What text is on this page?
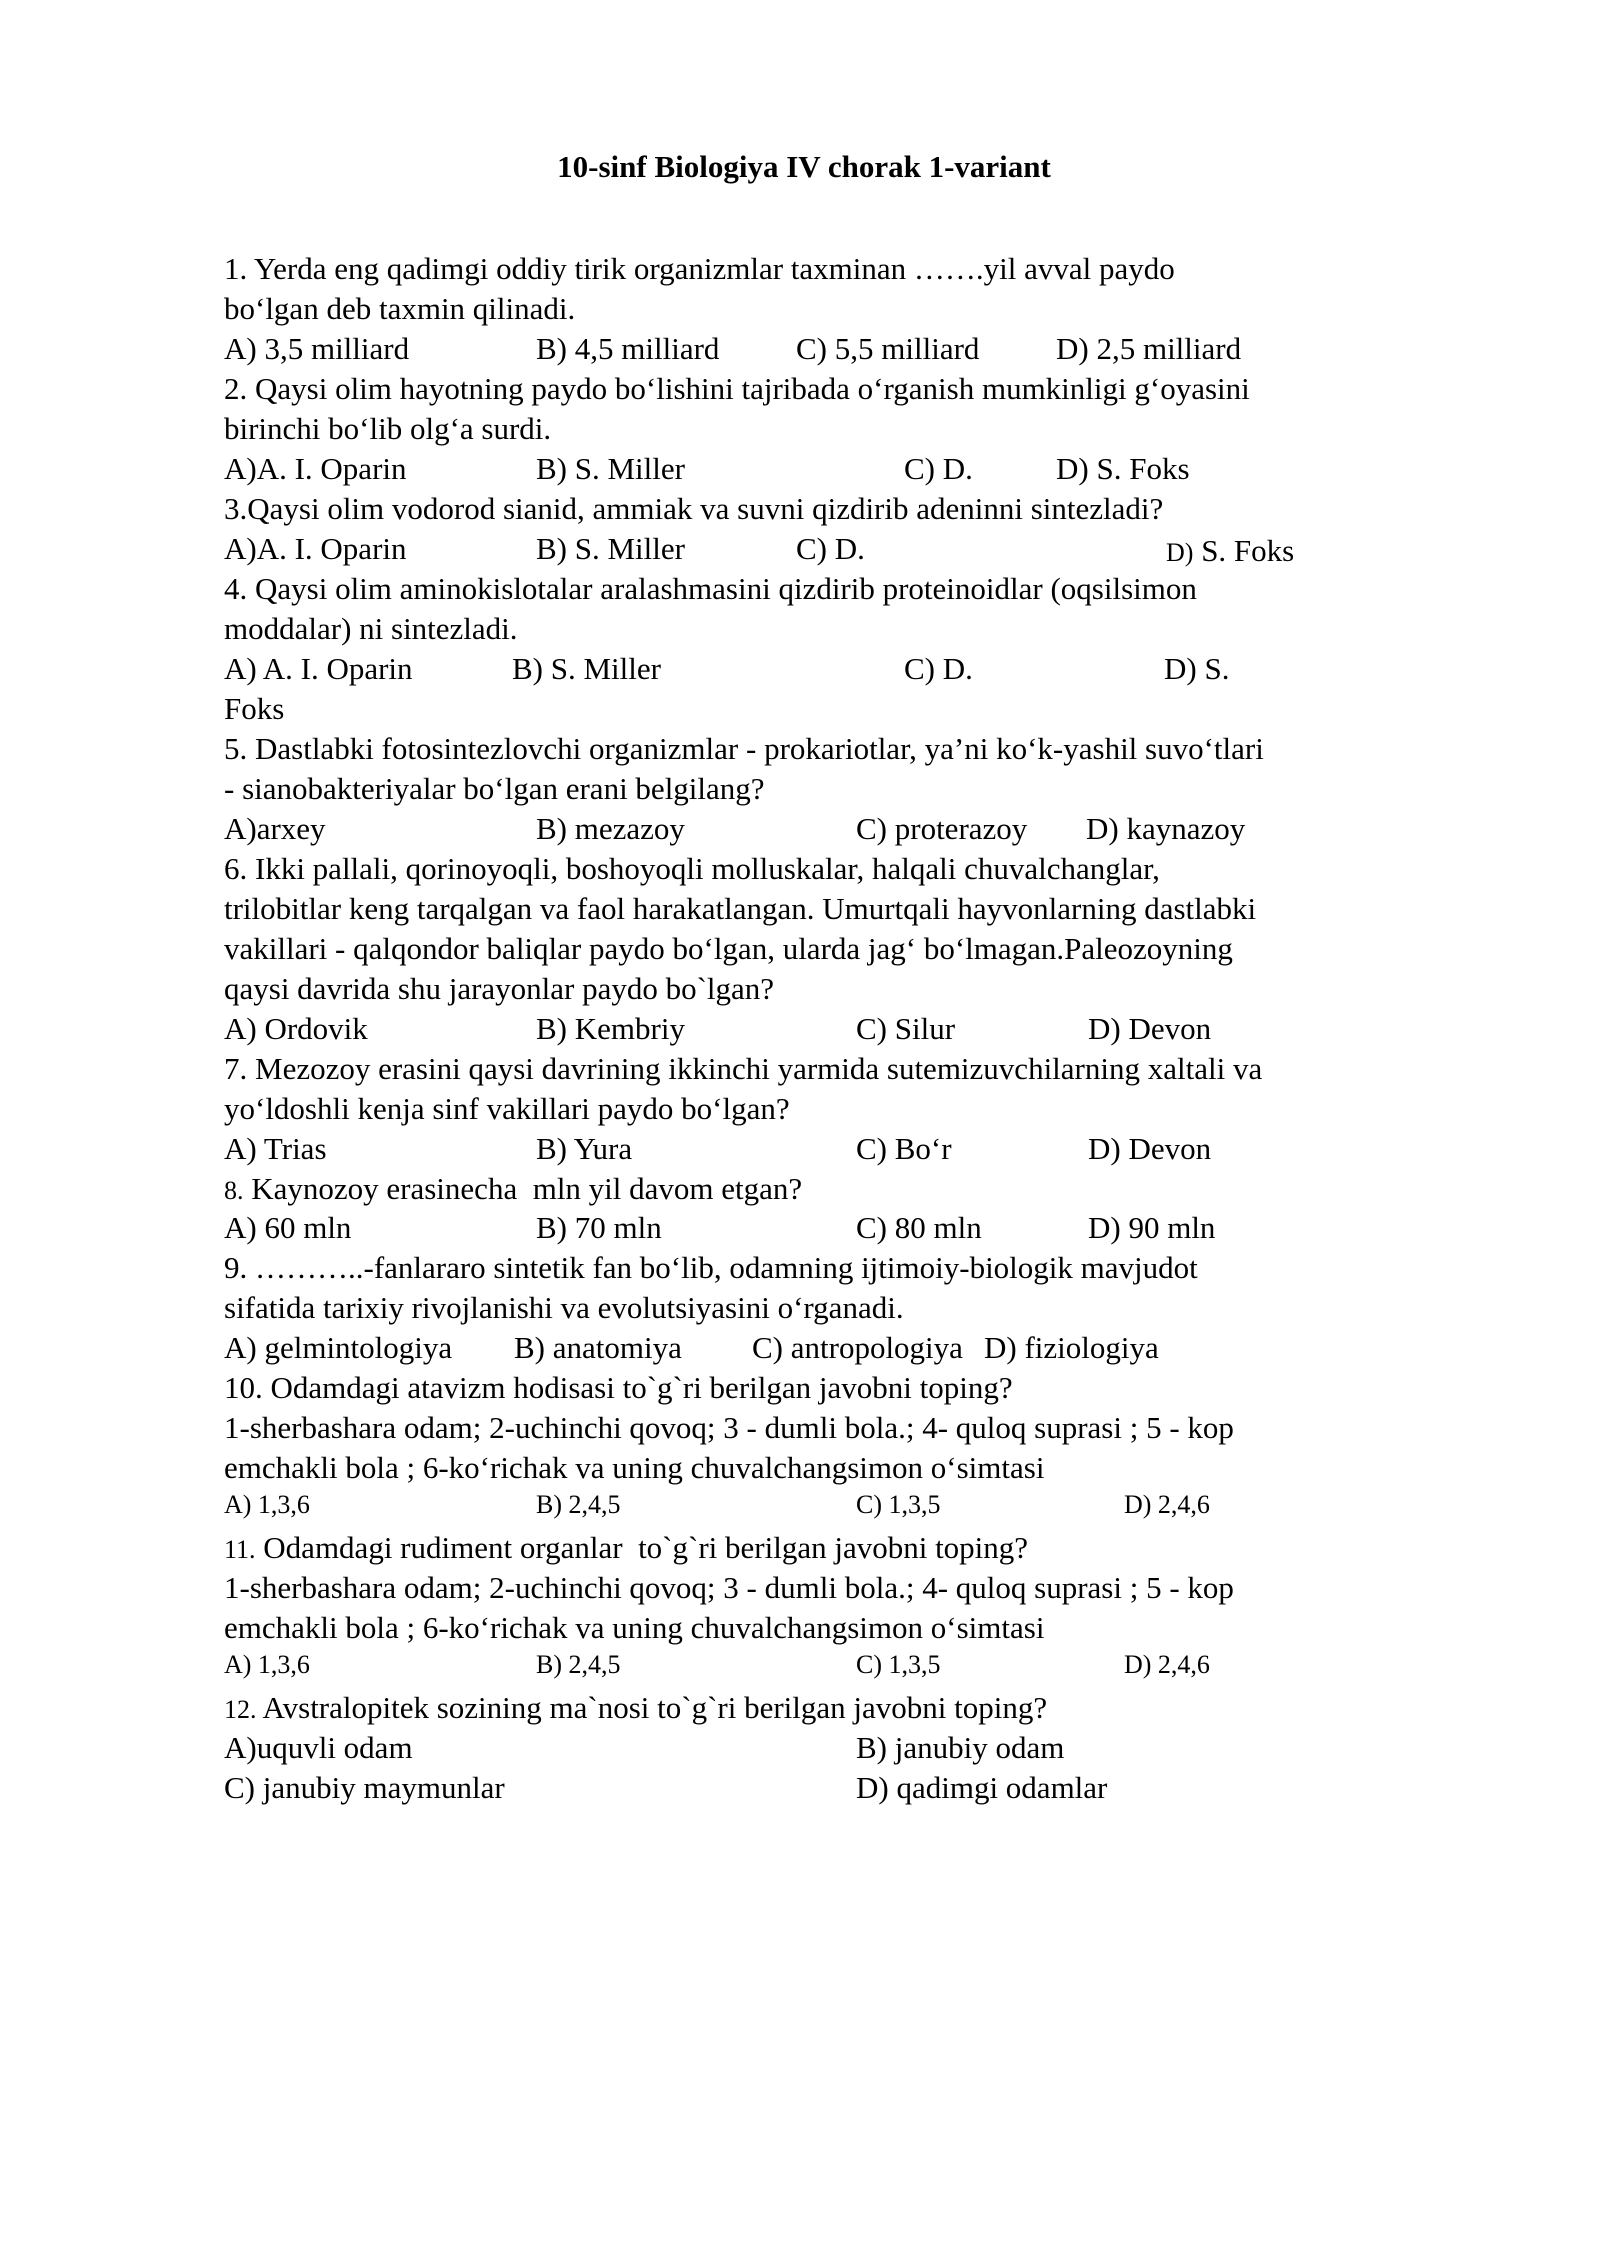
10-sinf Biologiya IV chorak 1-variant

1. Yerda eng qadimgi oddiy tirik organizmlar taxminan …….yil avval paydo

bo‘lgan deb taxmin qilinadi.

A) 3,5 milliard	B) 4,5 milliard C) 5,5 milliard D) 2,5 milliard

2. Qaysi olim hayotning paydo bo‘lishini tajribada o‘rganish mumkinligi g‘oyasini

birinchi bo‘lib olg‘a surdi.

A)A. I. Oparin	B) S. Miller	C) D.	D) S. Foks

3.Qaysi olim vodorod sianid, ammiak va suvni qizdirib adeninni sintezladi?

A)A. I. Oparin	B) S. Miller	C) D.	D) S. Foks

4. Qaysi olim aminokislotalar aralashmasini qizdirib proteinoidlar (oqsilsimon

moddalar) ni sintezladi.

A) A. I. Oparin	B) S. Miller	C) D.	D) S.

Foks

5. Dastlabki fotosintezlovchi organizmlar - prokariotlar, ya’ni ko‘k-yashil suvo‘tlari

- sianobakteriyalar bo‘lgan erani belgilang?

A)arxey	B) mezazoy	C) proterazoy D) kaynazoy

6. Ikki pallali, qorinoyoqli, boshoyoqli molluskalar, halqali chuvalchanglar,

trilobitlar keng tarqalgan va faol harakatlangan. Umurtqali hayvonlarning dastlabki

vakillari - qalqondor baliqlar paydo bo‘lgan, ularda jag‘ bo‘lmagan.Paleozoyning

qaysi davrida shu jarayonlar paydo bo`lgan?

A) Ordovik	B) Kembriy	C) Silur	D) Devon

7. Mezozoy erasini qaysi davrining ikkinchi yarmida sutemizuvchilarning xaltali va

yo‘ldoshli kenja sinf vakillari paydo bo‘lgan?

A) Trias	B) Yura	C) Bo‘r	D) Devon

8. Kaynozoy erasinecha  mln yil davom etgan?

A) 60 mln	B) 70 mln	C) 80 mln	D) 90 mln

9. ………..-fanlararo sintetik fan bo‘lib, odamning ijtimoiy-biologik mavjudot

sifatida tarixiy rivojlanishi va evolutsiyasini o‘rganadi.

A) gelmintologiya B) anatomiya C) antropologiya D) fiziologiya

10. Odamdagi atavizm hodisasi to`g`ri berilgan javobni toping?

1-sherbashara odam; 2-uchinchi qovoq; 3 - dumli bola.; 4- quloq suprasi ; 5 - kop

emchakli bola ; 6-ko‘richak va uning chuvalchangsimon o‘simtasi

A) 1,3,6	B) 2,4,5	C) 1,3,5	D) 2,4,6

11. Odamdagi rudiment organlar  to`g`ri berilgan javobni toping?

1-sherbashara odam; 2-uchinchi qovoq; 3 - dumli bola.; 4- quloq suprasi ; 5 - kop

emchakli bola ; 6-ko‘richak va uning chuvalchangsimon o‘simtasi

A) 1,3,6	B) 2,4,5	C) 1,3,5	D) 2,4,6

12. Avstralopitek sozining ma`nosi to`g`ri berilgan javobni toping?

A)uquvli odam	B) janubiy odam
C) janubiy maymunlar	D) qadimgi odamlar
